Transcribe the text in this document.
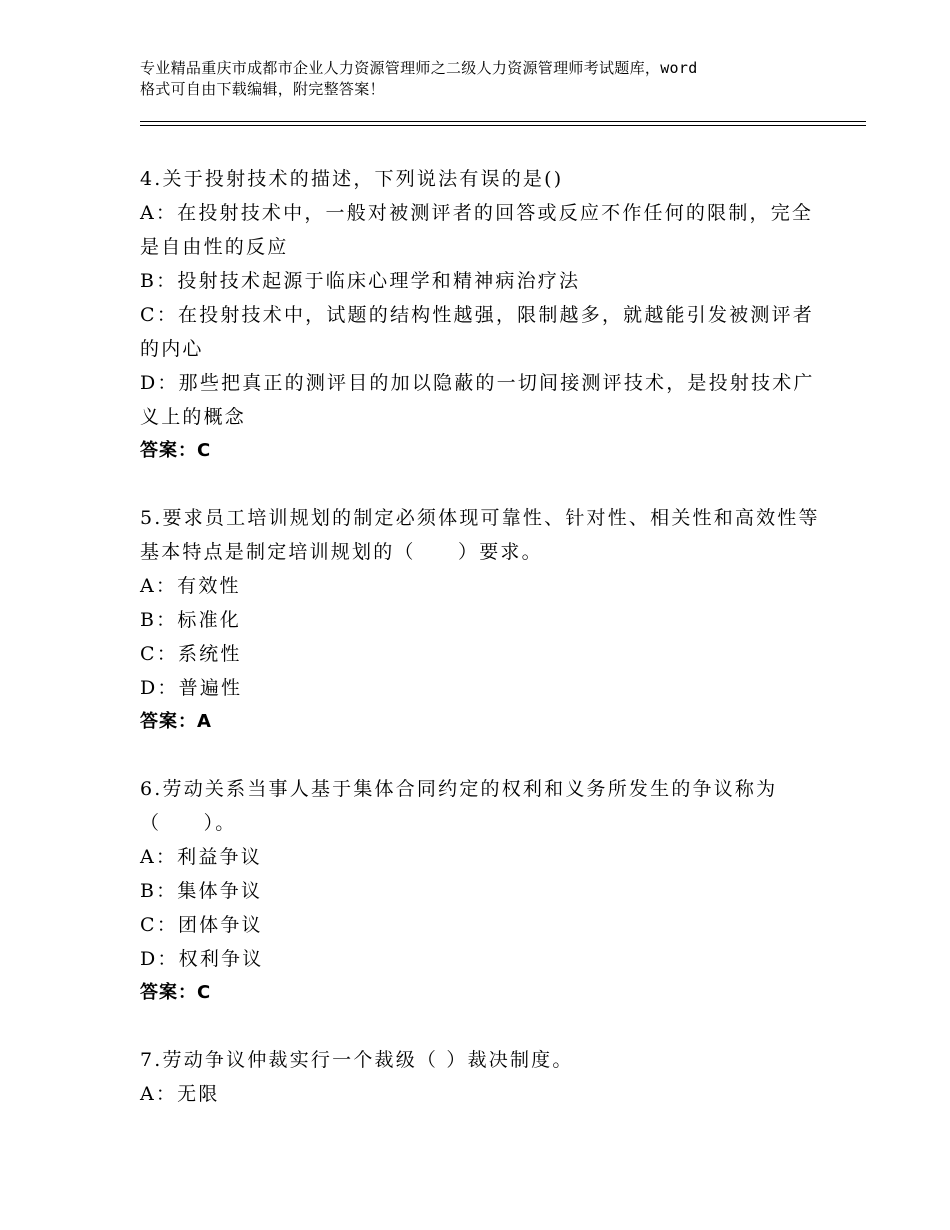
专业精品重庆市成都市企业人力资源管理师之二级人力资源管理师考试题库，word
格式可自由下载编辑，附完整答案！
4.关于投射技术的描述，下列说法有误的是()
A：在投射技术中，一般对被测评者的回答或反应不作任何的限制，完全是自由性的反应
B：投射技术起源于临床心理学和精神病治疗法
C：在投射技术中，试题的结构性越强，限制越多，就越能引发被测评者的内心
D：那些把真正的测评目的加以隐蔽的一切间接测评技术，是投射技术广义上的概念
答案：C
5.要求员工培训规划的制定必须体现可靠性、针对性、相关性和高效性等基本特点是制定培训规划的（　　）要求。
A：有效性
B：标准化
C：系统性
D：普遍性
答案：A
6.劳动关系当事人基于集体合同约定的权利和义务所发生的争议称为（　　）。
A：利益争议
B：集体争议
C：团体争议
D：权利争议
答案：C
7.劳动争议仲裁实行一个裁级（ ）裁决制度。
A：无限
